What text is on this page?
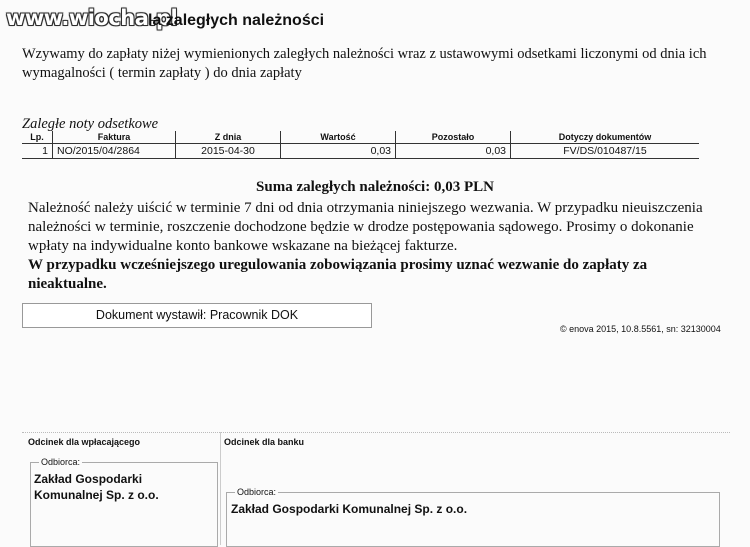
www.wiocha.pl
la zaległych należności
Wzywamy do zapłaty niżej wymienionych zaległych należności wraz z ustawowymi odsetkami liczonymi od dnia ich wymagalności ( termin zapłaty ) do dnia zapłaty
Zaległe noty odsetkowe
Lp.	Faktura	Z dnia	Wartość	Pozostało	Dotyczy dokumentów
1	NO/2015/04/2864	2015-04-30	0,03	0,03	FV/DS/010487/15
Suma zaległych należności: 0,03 PLN
Należność należy uiścić w terminie 7 dni od dnia otrzymania niniejszego wezwania. W przypadku nieuiszczenia należności w terminie, roszczenie dochodzone będzie w drodze postępowania sądowego. Prosimy o dokonanie wpłaty na indywidualne konto bankowe wskazane na bieżącej fakturze.
W przypadku wcześniejszego uregulowania zobowiązania prosimy uznać wezwanie do zapłaty za nieaktualne.
Dokument wystawił: Pracownik DOK
© enova 2015, 10.8.5561, sn: 32130004
Odcinek dla wpłacającego
Odbiorca:
Zakład Gospodarki Komunalnej Sp. z o.o.
Odcinek dla banku
Odbiorca:
Zakład Gospodarki Komunalnej Sp. z o.o.
